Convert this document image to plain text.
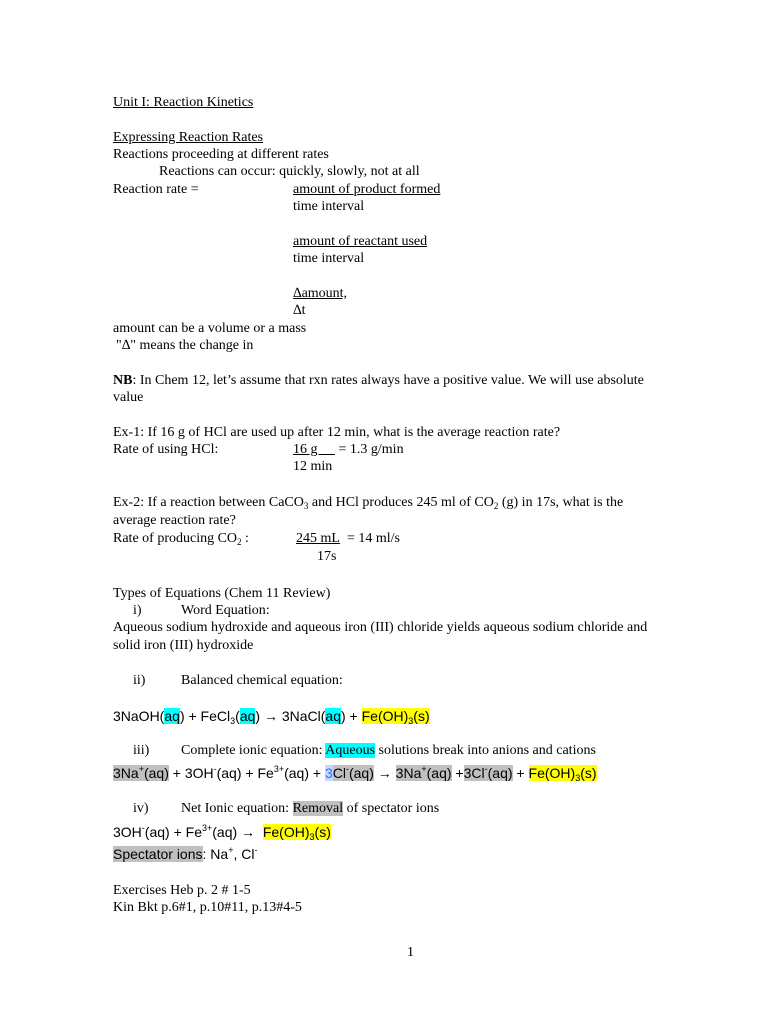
Unit I: Reaction Kinetics
Expressing Reaction Rates
Reactions proceeding at different rates
Reactions can occur: quickly, slowly, not at all
Reaction rate =	amount of product formed
time interval
amount of reactant used
time interval
∆amount,
∆t
amount can be a volume or a mass
"∆" means the change in
NB: In Chem 12, let’s assume that rxn rates always have a positive value. We will use absolute
value
Ex-1: If 16 g of HCl are used up after 12 min, what is the average reaction rate?
Rate of using HCl:	16 g      = 1.3 g/min
12 min
Ex-2: If a reaction between CaCO$_3$ and HCl produces 245 ml of $CO_2$ (g) in 17s, what is the
average reaction rate?
Rate of producing $CO_2$ :	245 mL = 14 ml/s
17s
Types of Equations (Chem 11 Review)
i)	Word Equation:
Aqueous sodium hydroxide and aqueous iron (III) chloride yields aqueous sodium chloride and
solid iron (III) hydroxide
ii)	Balanced chemical equation:
3NaOH(aq) + FeCl$_3$(aq) → 3NaCl(aq) + $Fe(OH)_3(s)$
iii) Complete ionic equation: Aqueous solutions break into anions and cations
$3Na^+(aq) + 3OH^-(aq) + Fe^{3+}(aq) + 3Cl^-(aq) \to 3Na^+(aq) +3Cl^-(aq) + Fe(OH)_3(s)$
iv) Net Ionic equation: Removal of spectator ions
$3OH^-(aq) + Fe^{3+}(aq) \to Fe(OH)_3(s)$
Spectator ions: Na+, Cl-
Exercises Heb p. 2 # 1-5
Kin Bkt p.6#1, p.10#11, p.13#4-5
1
